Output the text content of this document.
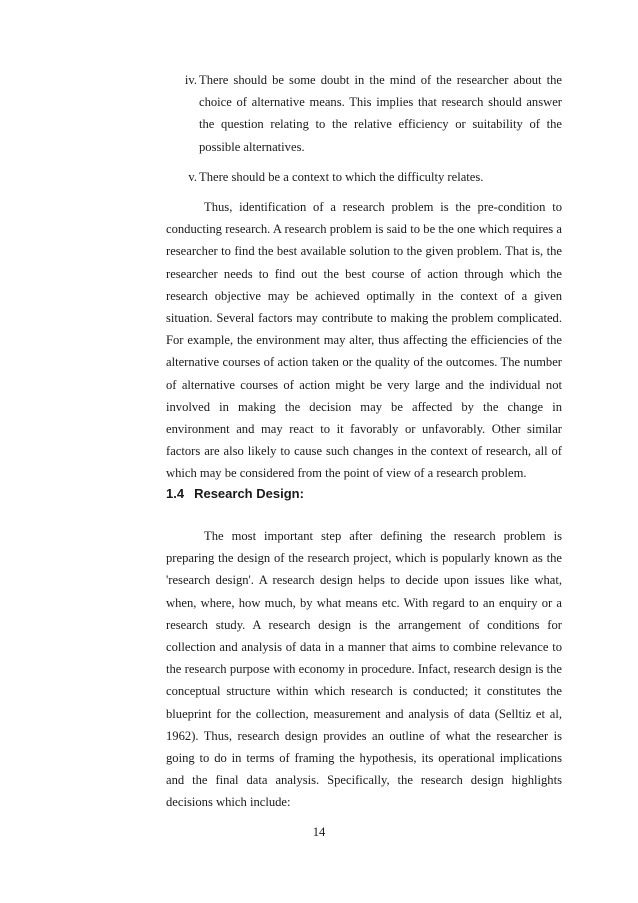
iv. There should be some doubt in the mind of the researcher about the choice of alternative means. This implies that research should answer the question relating to the relative efficiency or suitability of the possible alternatives.
v. There should be a context to which the difficulty relates.

Thus, identification of a research problem is the pre-condition to conducting research. A research problem is said to be the one which requires a researcher to find the best available solution to the given problem. That is, the researcher needs to find out the best course of action through which the research objective may be achieved optimally in the context of a given situation. Several factors may contribute to making the problem complicated. For example, the environment may alter, thus affecting the efficiencies of the alternative courses of action taken or the quality of the outcomes. The number of alternative courses of action might be very large and the individual not involved in making the decision may be affected by the change in environment and may react to it favorably or unfavorably. Other similar factors are also likely to cause such changes in the context of research, all of which may be considered from the point of view of a research problem.

1.4 Research Design:

The most important step after defining the research problem is preparing the design of the research project, which is popularly known as the 'research design'. A research design helps to decide upon issues like what, when, where, how much, by what means etc. With regard to an enquiry or a research study. A research design is the arrangement of conditions for collection and analysis of data in a manner that aims to combine relevance to the research purpose with economy in procedure. Infact, research design is the conceptual structure within which research is conducted; it constitutes the blueprint for the collection, measurement and analysis of data (Selltiz et al, 1962). Thus, research design provides an outline of what the researcher is going to do in terms of framing the hypothesis, its operational implications and the final data analysis. Specifically, the research design highlights decisions which include:

14
